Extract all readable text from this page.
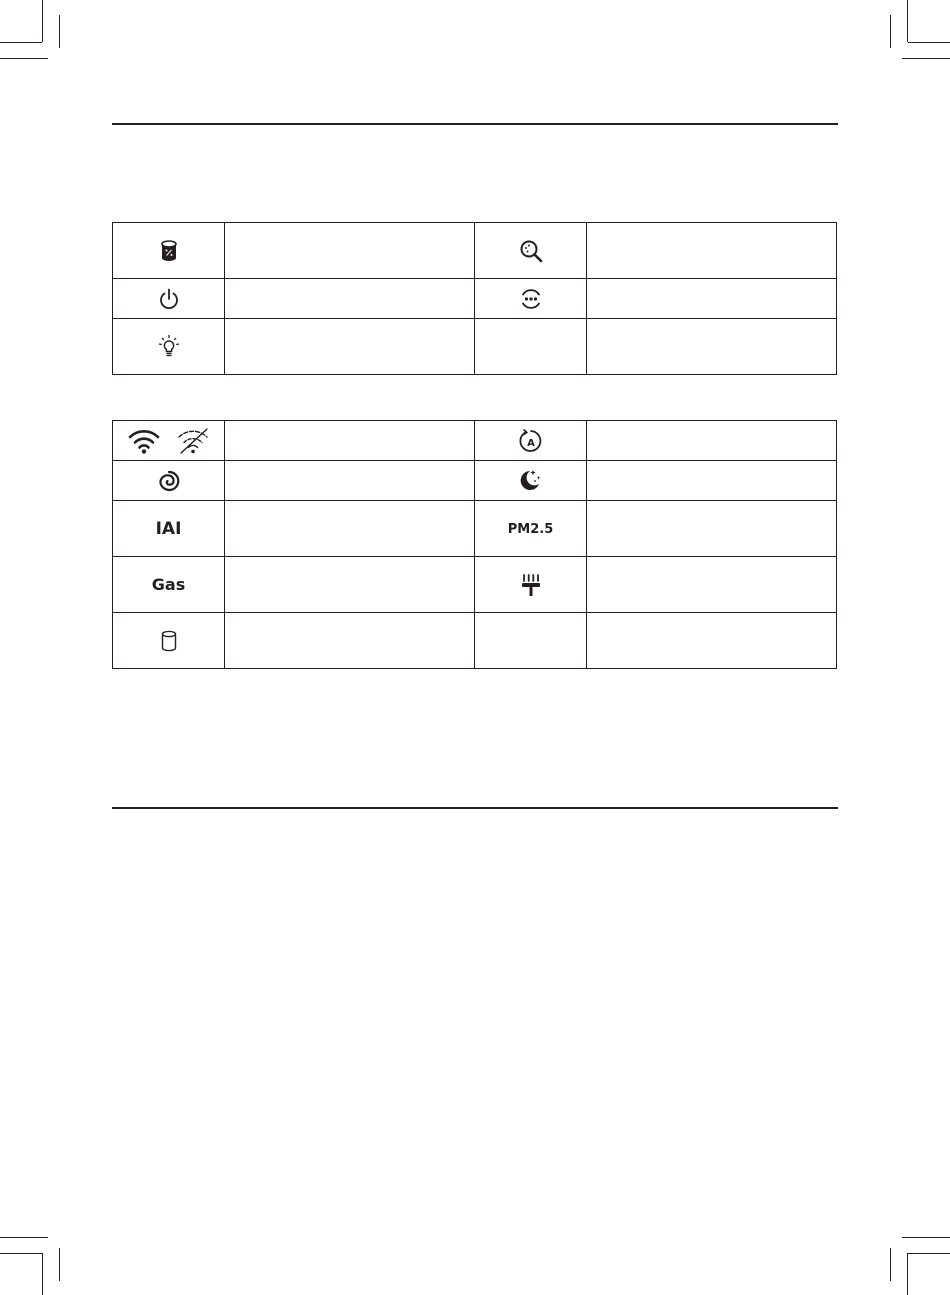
A	

IAI		PM2.5	
Gas		
